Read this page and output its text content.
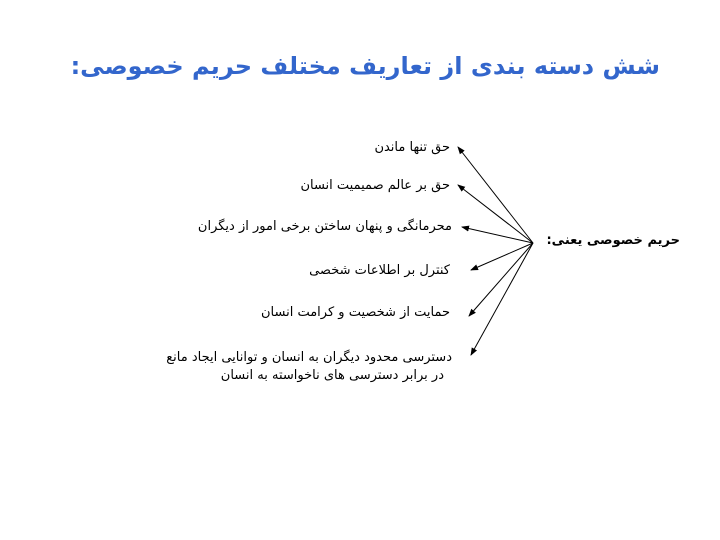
شش دسته بندی از تعاریف مختلف حریم خصوصی:
حریم خصوصی یعنی:
حق تنها ماندن
حق بر عالم صمیمیت انسان
محرمانگی و پنهان ساختن برخی امور از دیگران
کنترل بر اطلاعات شخصی
حمایت از شخصیت و کرامت انسان
دسترسی محدود دیگران به انسان و توانایی ایجاد مانع
در برابر دسترسی های ناخواسته به انسان
